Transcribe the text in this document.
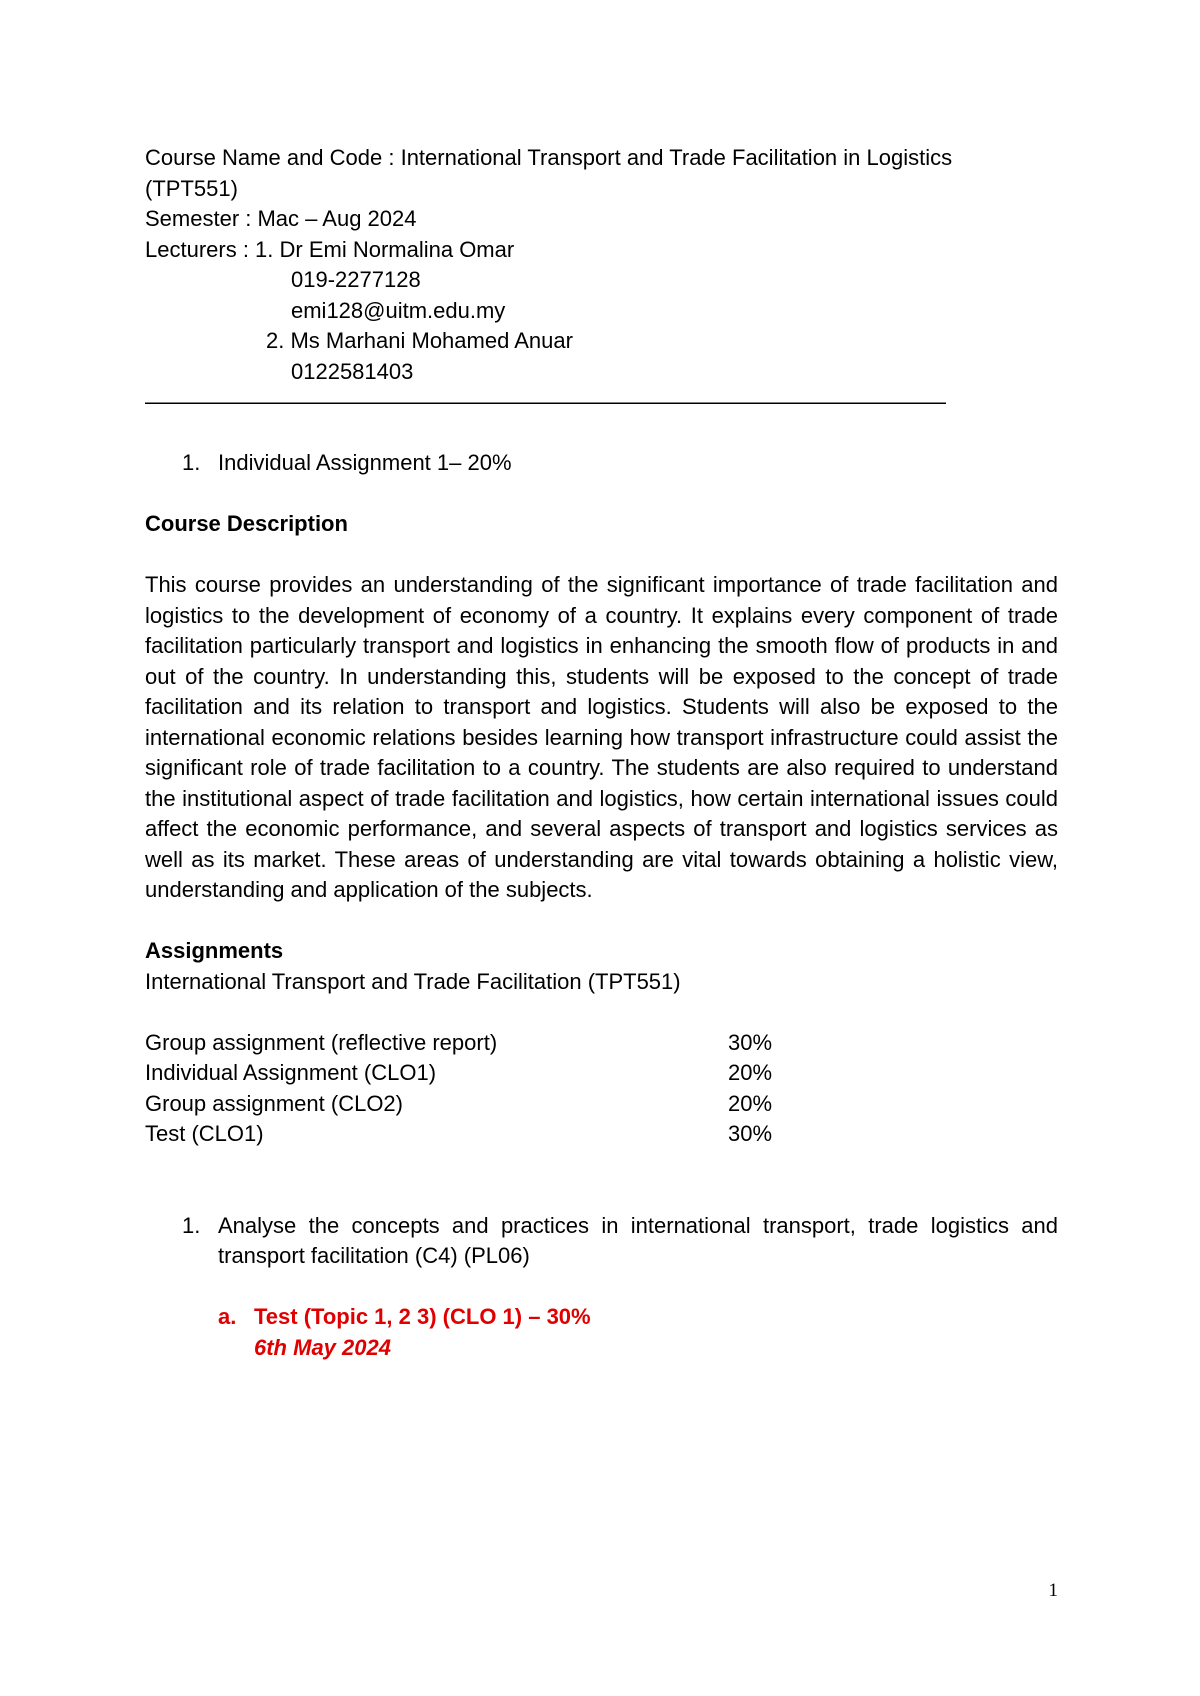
Course Name and Code : International Transport and Trade Facilitation in Logistics
(TPT551)
Semester : Mac – Aug 2024
Lecturers : 1. Dr Emi Normalina Omar
019-2277128
emi128@uitm.edu.my
2. Ms Marhani Mohamed Anuar
0122581403
——————————————————————————————————————————
1. Individual Assignment 1– 20%
Course Description
This course provides an understanding of the significant importance of trade facilitation and logistics to the development of economy of a country. It explains every component of trade facilitation particularly transport and logistics in enhancing the smooth flow of products in and out of the country. In understanding this, students will be exposed to the concept of trade facilitation and its relation to transport and logistics. Students will also be exposed to the international economic relations besides learning how transport infrastructure could assist the significant role of trade facilitation to a country. The students are also required to understand the institutional aspect of trade facilitation and logistics, how certain international issues could affect the economic performance, and several aspects of transport and logistics services as well as its market. These areas of understanding are vital towards obtaining a holistic view, understanding and application of the subjects.
Assignments
International Transport and Trade Facilitation (TPT551)
Group assignment (reflective report)	30%
Individual Assignment (CLO1)	20%
Group assignment (CLO2)	20%
Test (CLO1)	30%
1. Analyse the concepts and practices in international transport, trade logistics and transport facilitation (C4) (PL06)
a. Test (Topic 1, 2 3) (CLO 1) – 30%
6th May 2024
1
